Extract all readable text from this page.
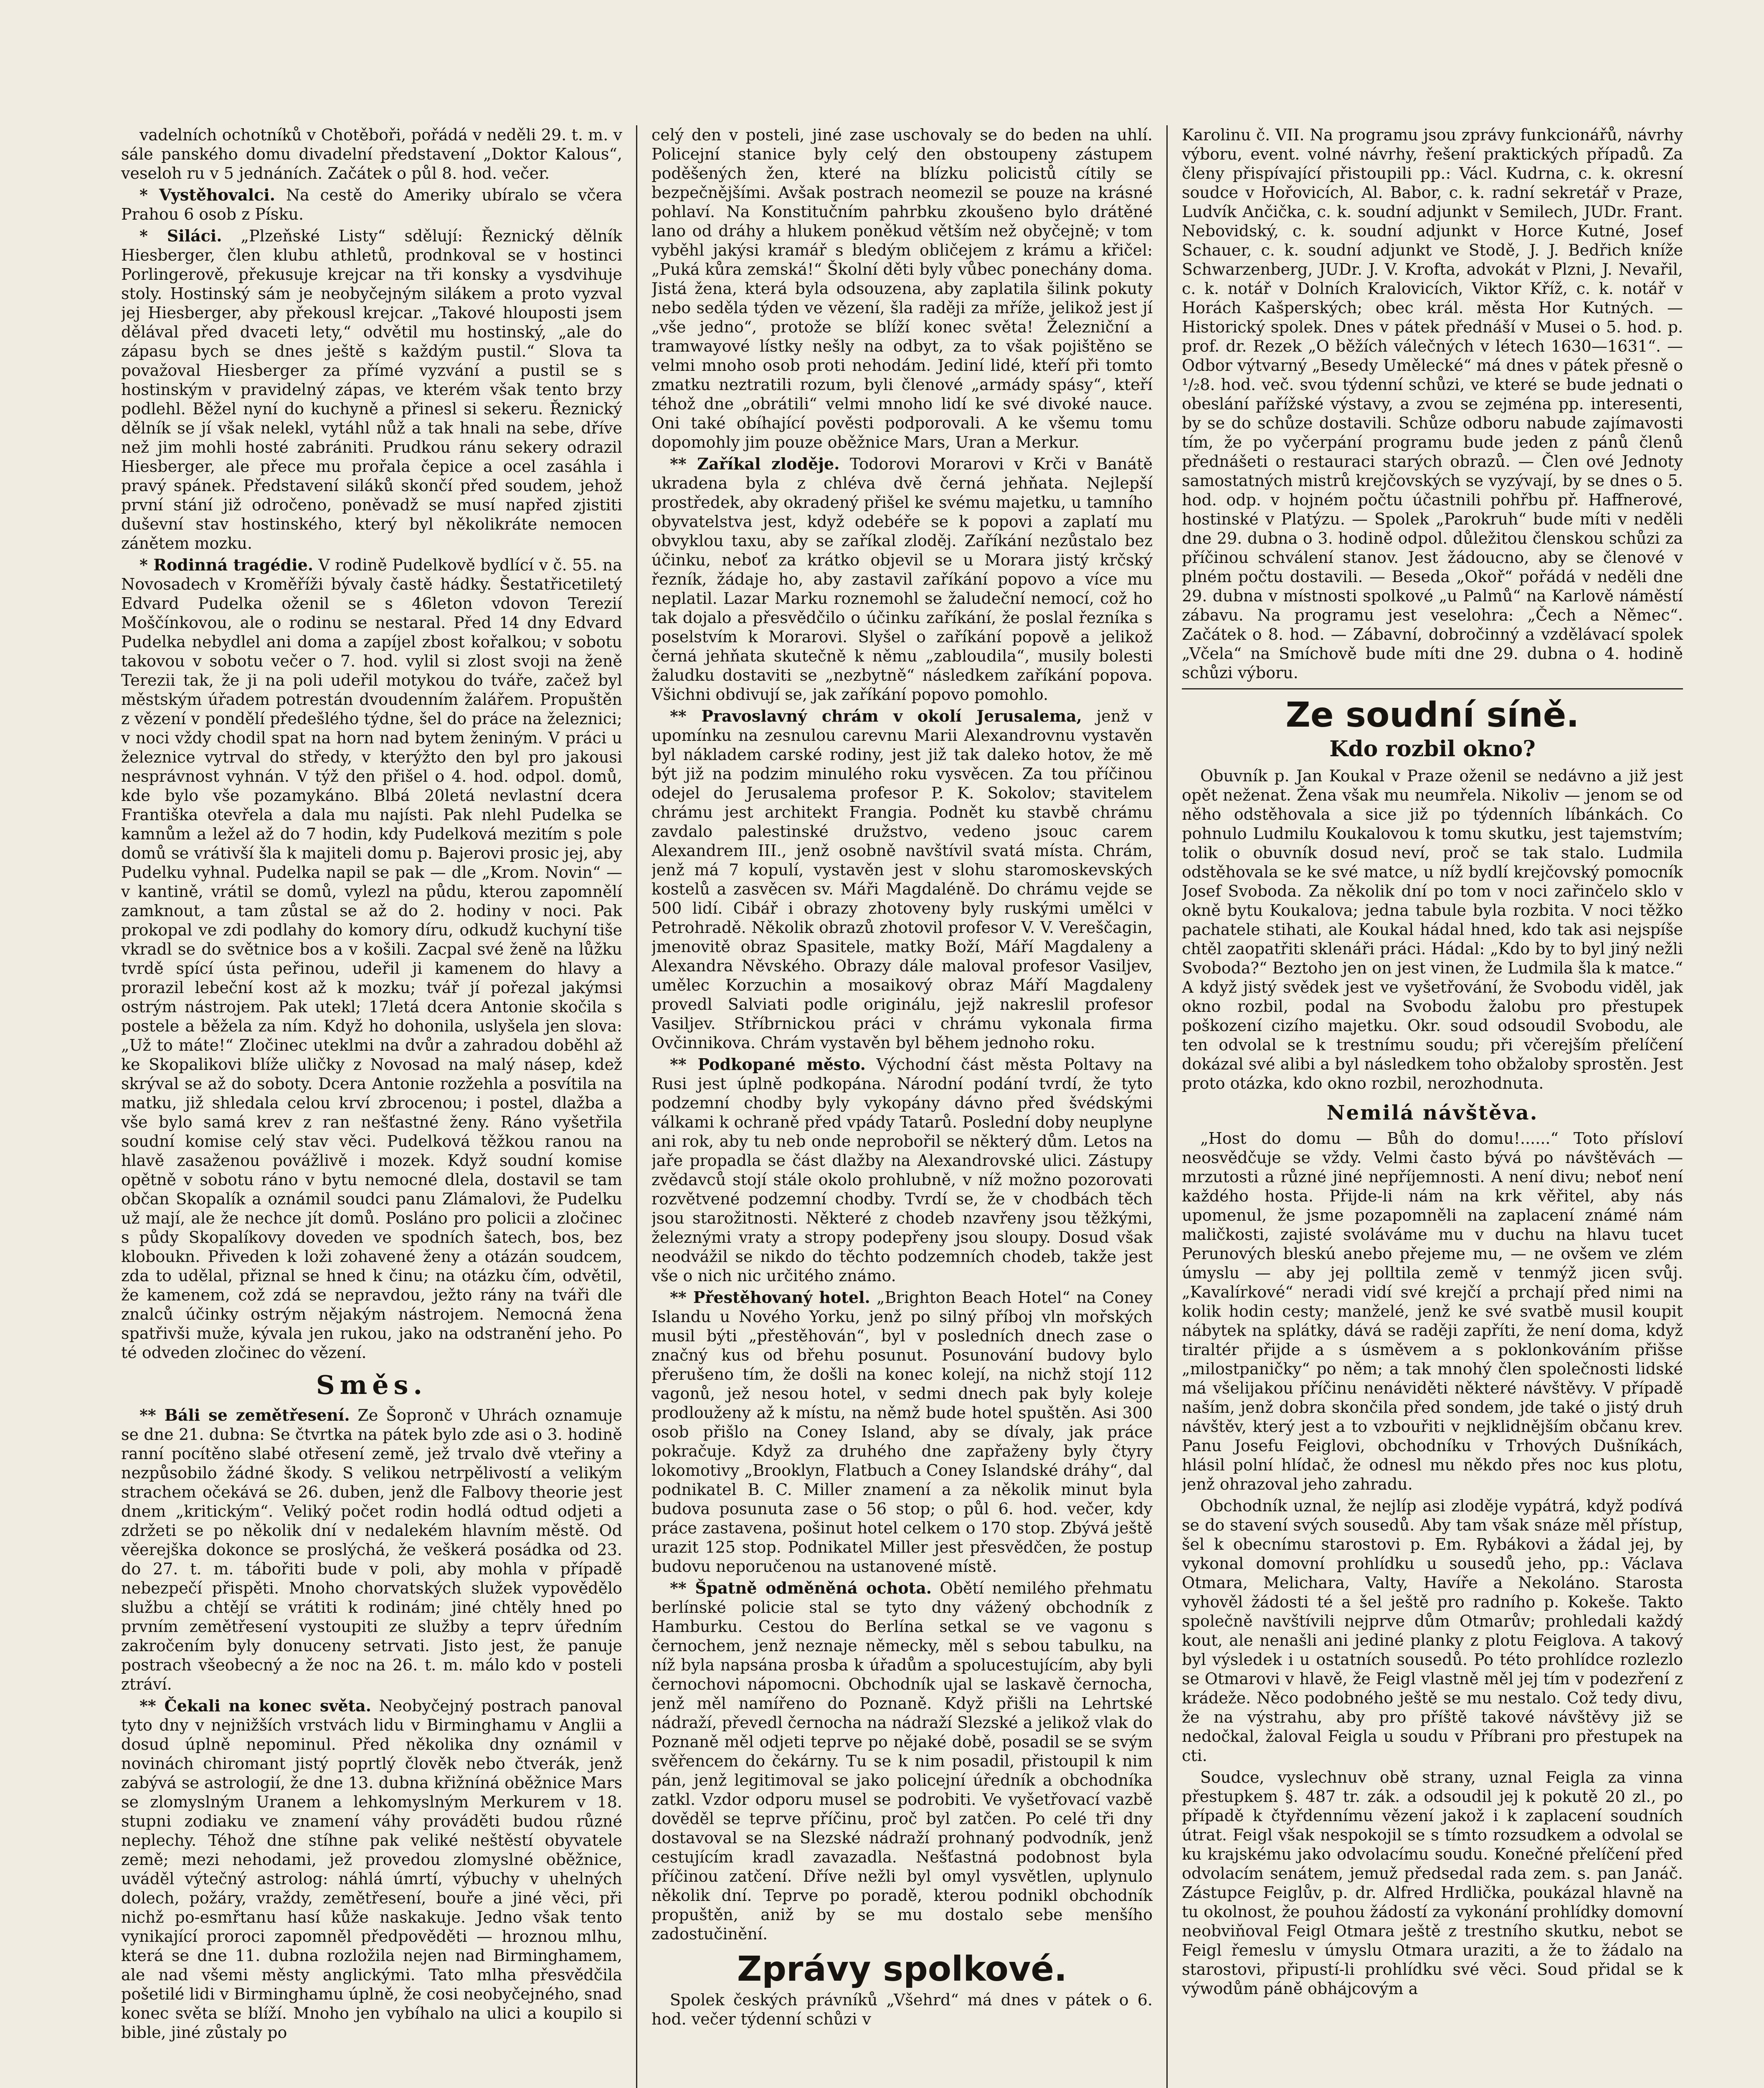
vadelních ochotníků v Chotěboři, pořádá v neděli 29. t. m. v sále panského domu divadelní představení „Doktor Kalous“, veseloh ru v 5 jednáních. Začátek o půl 8. hod. večer.

* Vystěhovalci. Na cestě do Ameriky ubíralo se včera Prahou 6 osob z Písku.

* Siláci. „Plzeňské Listy“ sdělují: Řeznický dělník Hiesberger, člen klubu athletů, prodnkoval se v hostinci Porlingerově, překusuje krejcar na tři konsky a vysdvihuje stoly. Hostinský sám je neobyčejným silákem a proto vyzval jej Hiesberger, aby překousl krejcar. „Takové hlouposti jsem dělával před dvaceti lety,“ odvětil mu hostinský, „ale do zápasu bych se dnes ještě s každým pustil.“ Slova ta považoval Hiesberger za přímé vyzvání a pustil se s hostinským v pravidelný zápas, ve kterém však tento brzy podlehl. Běžel nyní do kuchyně a přinesl si sekeru. Řeznický dělník se jí však nelekl, vytáhl nůž a tak hnali na sebe, dříve než jim mohli hosté zabrániti. Prudkou ránu sekery odrazil Hiesberger, ale přece mu prořala čepice a ocel zasáhla i pravý spánek. Představení siláků skončí před soudem, jehož první stání již odročeno, poněvadž se musí napřed zjistiti duševní stav hostinského, který byl několikráte nemocen zánětem mozku.

* Rodinná tragédie. V rodině Pudelkově bydlící v č. 55. na Novosadech v Kroměříži bývaly častě hádky. Šestatřicetiletý Edvard Pudelka oženil se s 46leton vdovon Terezií Moščínkovou, ale o rodinu se nestaral. Před 14 dny Edvard Pudelka nebydlel ani doma a zapíjel zbost kořalkou; v sobotu takovou v sobotu večer o 7. hod. vylil si zlost svoji na ženě Terezii tak, že ji na poli udeřil motykou do tváře, začež byl městským úřadem potrestán dvoudenním žalářem. Propuštěn z vězení v pondělí předešlého týdne, šel do práce na železnici; v noci vždy chodil spat na horn nad bytem ženiným. V práci u železnice vytrval do středy, v kterýžto den byl pro jakousi nesprávnost vyhnán. V týž den přišel o 4. hod. odpol. domů, kde bylo vše pozamykáno. Blbá 20letá nevlastní dcera Františka otevřela a dala mu najísti. Pak nlehl Pudelka se kamnům a ležel až do 7 hodin, kdy Pudelková mezitím s pole domů se vrátivší šla k majiteli domu p. Bajerovi prosic jej, aby Pudelku vyhnal. Pudelka napil se pak — dle „Krom. Novin“ — v kantině, vrátil se domů, vylezl na půdu, kterou zapomnělí zamknout, a tam zůstal se až do 2. hodiny v noci. Pak prokopal ve zdi podlahy do komory díru, odkudž kuchyní tiše vkradl se do světnice bos a v košili. Zacpal své ženě na lůžku tvrdě spící ústa peřinou, udeřil ji kamenem do hlavy a prorazil lebeční kost až k mozku; tvář jí pořezal jakýmsi ostrým nástrojem. Pak utekl; 17letá dcera Antonie skočila s postele a běžela za ním. Když ho dohonila, uslyšela jen slova: „Už to máte!“ Zločinec uteklmi na dvůr a zahradou doběhl až ke Skopalikovi blíže uličky z Novosad na malý násep, kdež skrýval se až do soboty. Dcera Antonie rozžehla a posvítila na matku, již shledala celou krví zbrocenou; i postel, dlažba a vše bylo samá krev z ran nešťastné ženy. Ráno vyšetřila soudní komise celý stav věci. Pudelková těžkou ranou na hlavě zasaženou povážlivě i mozek. Když soudní komise opětně v sobotu ráno v bytu nemocné dlela, dostavil se tam občan Skopalík a oznámil soudci panu Zlámalovi, že Pudelku už mají, ale že nechce jít domů. Posláno pro policii a zločinec s půdy Skopalíkovy doveden ve spodních šatech, bos, bez kloboukn. Přiveden k loži zohavené ženy a otázán soudcem, zda to udělal, přiznal se hned k činu; na otázku čím, odvětil, že kamenem, což zdá se nepravdou, ježto rány na tváři dle znalců účinky ostrým nějakým nástrojem. Nemocná žena spatřivši muže, kývala jen rukou, jako na odstranění jeho. Po té odveden zločinec do vězení.

Směs.

** Báli se zemětřesení. Ze Šopronč v Uhrách oznamuje se dne 21. dubna: Se čtvrtka na pátek bylo zde asi o 3. hodině ranní pocítěno slabé otřesení země, jež trvalo dvě vteřiny a nezpůsobilo žádné škody. S velikou netrpělivostí a velikým strachem očekává se 26. duben, jenž dle Falbovy theorie jest dnem „kritickým“. Veliký počet rodin hodlá odtud odjeti a zdržeti se po několik dní v nedalekém hlavním městě. Od věerejška dokonce se proslýchá, že veškerá posádka od 23. do 27. t. m. tábořiti bude v poli, aby mohla v případě nebezpečí přispěti. Mnoho chorvatských služek vypovědělo službu a chtějí se vrátiti k rodinám; jiné chtěly hned po prvním zemětřesení vystoupiti ze služby a teprv úředním zakročením byly donuceny setrvati. Jisto jest, že panuje postrach všeobecný a že noc na 26. t. m. málo kdo v posteli ztráví.

** Čekali na konec světa. Neobyčejný postrach panoval tyto dny v nejnižších vrstvách lidu v Birminghamu v Anglii a dosud úplně nepominul. Před několika dny oznámil v novinách chiromant jistý poprtlý člověk nebo čtverák, jenž zabývá se astrologií, že dne 13. dubna křižníná oběžnice Mars se zlomyslným Uranem a lehkomyslným Merkurem v 18. stupni zodiaku ve znamení váhy prováděti budou různé neplechy. Téhož dne stíhne pak veliké neštěstí obyvatele země; mezi nehodami, jež provedou zlomyslné oběžnice, uváděl výtečný astrolog: náhlá úmrtí, výbuchy v uhelných dolech, požáry, vraždy, zemětřesení, bouře a jiné věci, při nichž po-esmřtanu hasí kůže naskakuje. Jedno však tento vynikající proroci zapomněl předpověděti — hroznou mlhu, která se dne 11. dubna rozložila nejen nad Birminghamem, ale nad všemi městy anglickými. Tato mlha přesvědčila pošetilé lidi v Birminghamu úplně, že cosi neobyčejného, snad konec světa se blíží. Mnoho jen vybíhalo na ulici a koupilo si bible, jiné zůstaly po

celý den v posteli, jiné zase uschovaly se do beden na uhlí. Policejní stanice byly celý den obstoupeny zástupem poděšených žen, které na blízku policistů cítily se bezpečnějšími. Avšak postrach neomezil se pouze na krásné pohlaví. Na Konstitučním pahrbku zkoušeno bylo drátěné lano od dráhy a hlukem poněkud větším než obyčejně; v tom vyběhl jakýsi kramář s bledým obličejem z krámu a křičel: „Puká kůra zemská!“ Školní děti byly vůbec ponechány doma. Jistá žena, která byla odsouzena, aby zaplatila šilink pokuty nebo seděla týden ve vězení, šla raději za mříže, jelikož jest jí „vše jedno“, protože se blíží konec světa! Železniční a tramwayové lístky nešly na odbyt, za to však pojištěno se velmi mnoho osob proti nehodám. Jediní lidé, kteří při tomto zmatku neztratili rozum, byli členové „armády spásy“, kteří téhož dne „obrátili“ velmi mnoho lidí ke své divoké nauce. Oni také obíhající pověsti podporovali. A ke všemu tomu dopomohly jim pouze oběžnice Mars, Uran a Merkur.

** Zaříkal zloděje. Todorovi Morarovi v Krči v Banátě ukradena byla z chléva dvě černá jehňata. Nejlepší prostředek, aby okradený přišel ke svému majetku, u tamního obyvatelstva jest, když odebéře se k popovi a zaplatí mu obvyklou taxu, aby se zaříkal zloděj. Zaříkání nezůstalo bez účinku, neboť za krátko objevil se u Morara jistý krčský řezník, žádaje ho, aby zastavil zaříkání popovo a více mu neplatil. Lazar Marku roznemohl se žaludeční nemocí, což ho tak dojalo a přesvědčilo o účinku zaříkání, že poslal řezníka s poselstvím k Morarovi. Slyšel o zaříkání popově a jelikož černá jehňata skutečně k němu „zabloudila“, musily bolesti žaludku dostaviti se „nezbytně“ následkem zaříkání popova. Všichni obdivují se, jak zaříkání popovo pomohlo.

** Pravoslavný chrám v okolí Jerusalema, jenž v upomínku na zesnulou carevnu Marii Alexandrovnu vystavěn byl nákladem carské rodiny, jest již tak daleko hotov, že mě být již na podzim minulého roku vysvěcen. Za tou příčinou odejel do Jerusalema profesor P. K. Sokolov; stavitelem chrámu jest architekt Frangia. Podnět ku stavbě chrámu zavdalo palestinské družstvo, vedeno jsouc carem Alexandrem III., jenž osobně navštívil svatá místa. Chrám, jenž má 7 kopulí, vystavěn jest v slohu staromoskevských kostelů a zasvěcen sv. Máři Magdaléně. Do chrámu vejde se 500 lidí. Cibář i obrazy zhotoveny byly ruskými umělci v Petrohradě. Několik obrazů zhotovil profesor V. V. Vereščagin, jmenovitě obraz Spasitele, matky Boží, Máří Magdaleny a Alexandra Něvského. Obrazy dále maloval profesor Vasiljev, umělec Korzuchin a mosaikový obraz Máří Magdaleny provedl Salviati podle originálu, jejž nakreslil profesor Vasiljev. Stříbrnickou práci v chrámu vykonala firma Ovčinnikova. Chrám vystavěn byl během jednoho roku.

** Podkopané město. Východní část města Poltavy na Rusi jest úplně podkopána. Národní podání tvrdí, že tyto podzemní chodby byly vykopány dávno před švédskými válkami k ochraně před vpády Tatarů. Poslední doby neuplyne ani rok, aby tu neb onde neprobořil se některý dům. Letos na jaře propadla se část dlažby na Alexandrovské ulici. Zástupy zvědavců stojí stále okolo prohlubně, v níž možno pozorovati rozvětvené podzemní chodby. Tvrdí se, že v chodbách těch jsou starožitnosti. Některé z chodeb nzavřeny jsou těžkými, železnými vraty a stropy podepřeny jsou sloupy. Dosud však neodvážil se nikdo do těchto podzemních chodeb, takže jest vše o nich nic určitého známo.

** Přestěhovaný hotel. „Brighton Beach Hotel“ na Coney Islandu u Nového Yorku, jenž po silný příboj vln mořských musil býti „přestěhován“, byl v posledních dnech zase o značný kus od břehu posunut. Posunování budovy bylo přerušeno tím, že došli na konec kolejí, na nichž stojí 112 vagonů, jež nesou hotel, v sedmi dnech pak byly koleje prodlouženy až k místu, na němž bude hotel spuštěn. Asi 300 osob přišlo na Coney Island, aby se dívaly, jak práce pokračuje. Když za druhého dne zapřaženy byly čtyry lokomotivy „Brooklyn, Flatbuch a Coney Islandské dráhy“, dal podnikatel B. C. Miller znamení a za několik minut byla budova posunuta zase o 56 stop; o půl 6. hod. večer, kdy práce zastavena, pošinut hotel celkem o 170 stop. Zbývá ještě urazit 125 stop. Podnikatel Miller jest přesvědčen, že postup budovu neporučenou na ustanovené místě.

** Špatně odměněná ochota. Obětí nemilého přehmatu berlínské policie stal se tyto dny vážený obchodník z Hamburku. Cestou do Berlína setkal se ve vagonu s černochem, jenž neznaje německy, měl s sebou tabulku, na níž byla napsána prosba k úřadům a spolucestujícím, aby byli černochovi nápomocni. Obchodník ujal se laskavě černocha, jenž měl namířeno do Poznaně. Když přišli na Lehrtské nádraží, převedl černocha na nádraží Slezské a jelikož vlak do Poznaně měl odjeti teprve po nějaké době, posadil se se svým svěřencem do čekárny. Tu se k nim posadil, přistoupil k nim pán, jenž legitimoval se jako policejní úředník a obchodníka zatkl. Vzdor odporu musel se podrobiti. Ve vyšetřovací vazbě dověděl se teprve příčinu, proč byl zatčen. Po celé tři dny dostavoval se na Slezské nádraží prohnaný podvodník, jenž cestujícím kradl zavazadla. Nešťastná podobnost byla příčinou zatčení. Dříve nežli byl omyl vysvětlen, uplynulo několik dní. Teprve po poradě, kterou podnikl obchodník propuštěn, aniž by se mu dostalo sebe menšího zadostučinění.

Zprávy spolkové.

Spolek českých právníků „Všehrd“ má dnes v pátek o 6. hod. večer týdenní schůzi v

Karolinu č. VII. Na programu jsou zprávy funkcionářů, návrhy výboru, event. volné návrhy, řešení praktických případů. Za členy přispívající přistoupili pp.: Václ. Kudrna, c. k. okresní soudce v Hořovicích, Al. Babor, c. k. radní sekretář v Praze, Ludvík Ančička, c. k. soudní adjunkt v Semilech, JUDr. Frant. Nebovidský, c. k. soudní adjunkt v Horce Kutné, Josef Schauer, c. k. soudní adjunkt ve Stodě, J. J. Bedřich kníže Schwarzenberg, JUDr. J. V. Krofta, advokát v Plzni, J. Nevařil, c. k. notář v Dolních Kralovicích, Viktor Kříž, c. k. notář v Horách Kašperských; obec král. města Hor Kutných. — Historický spolek. Dnes v pátek přednáší v Musei o 5. hod. p. prof. dr. Rezek „O běžích válečných v létech 1630—1631“. — Odbor výtvarný „Besedy Umělecké“ má dnes v pátek přesně o ¹/₂8. hod. več. svou týdenní schůzi, ve které se bude jednati o obeslání pařížské výstavy, a zvou se zejména pp. interesenti, by se do schůze dostavili. Schůze odboru nabude zajímavosti tím, že po vyčerpání programu bude jeden z pánů členů přednášeti o restauraci starých obrazů. — Člen ové Jednoty samostatných mistrů krejčovských se vyzývají, by se dnes o 5. hod. odp. v hojném počtu účastnili pohřbu př. Haffnerové, hostinské v Platýzu. — Spolek „Parokruh“ bude míti v neděli dne 29. dubna o 3. hodině odpol. důležitou členskou schůzi za příčinou schválení stanov. Jest žádoucno, aby se členové v plném počtu dostavili. — Beseda „Okoř“ pořádá v neděli dne 29. dubna v místnosti spolkové „u Palmů“ na Karlově náměstí zábavu. Na programu jest veselohra: „Čech a Němec“. Začátek o 8. hod. — Zábavní, dobročinný a vzdělávací spolek „Včela“ na Smíchově bude míti dne 29. dubna o 4. hodině schůzi výboru.

Ze soudní síně.
Kdo rozbil okno?

Obuvník p. Jan Koukal v Praze oženil se nedávno a již jest opět neženat. Žena však mu neumřela. Nikoliv — jenom se od něho odstěhovala a sice již po týdenních líbánkách. Co pohnulo Ludmilu Koukalovou k tomu skutku, jest tajemstvím; tolik o obuvník dosud neví, proč se tak stalo. Ludmila odstěhovala se ke své matce, u níž bydlí krejčovský pomocník Josef Svoboda. Za několik dní po tom v noci zařinčelo sklo v okně bytu Koukalova; jedna tabule byla rozbita. V noci těžko pachatele stihati, ale Koukal hádal hned, kdo tak asi nejspíše chtěl zaopatřiti sklenáři práci. Hádal: „Kdo by to byl jiný nežli Svoboda?“ Beztoho jen on jest vinen, že Ludmila šla k matce.“ A když jistý svědek jest ve vyšetřování, že Svobodu viděl, jak okno rozbil, podal na Svobodu žalobu pro přestupek poškození cizího majetku. Okr. soud odsoudil Svobodu, ale ten odvolal se k trestnímu soudu; při včerejším přelíčení dokázal své alibi a byl následkem toho obžaloby sprostěn. Jest proto otázka, kdo okno rozbil, nerozhodnuta.

Nemilá návštěva.

„Host do domu — Bůh do domu!......“ Toto přísloví neosvědčuje se vždy. Velmi často bývá po návštěvách — mrzutosti a různé jiné nepříjemnosti. A není divu; neboť není každého hosta. Přijde-li nám na krk věřitel, aby nás upomenul, že jsme pozapomněli na zaplacení známé nám maličkosti, zajisté svoláváme mu v duchu na hlavu tucet Perunových bleskú anebo přejeme mu, — ne ovšem ve zlém úmyslu — aby jej polltila země v tenmýž jicen svůj. „Kavalírkové“ neradi vidí své krejčí a prchají před nimi na kolik hodin cesty; manželé, jenž ke své svatbě musil koupit nábytek na splátky, dává se raději zapříti, že není doma, když tiraltér přijde a s úsměvem a s poklonkováním přišse „milostpaničky“ po něm; a tak mnohý člen společnosti lidské má všelijakou příčinu nenáviděti některé návštěvy. V případě naším, jenž dobra skončila před sondem, jde také o jistý druh návštěv, který jest a to vzbouřiti v nejklidnějším občanu krev. Panu Josefu Feiglovi, obchodníku v Trhových Dušníkách, hlásil polní hlídač, že odnesl mu někdo přes noc kus plotu, jenž ohrazoval jeho zahradu.

Obchodník uznal, že nejlíp asi zloděje vypátrá, když podívá se do stavení svých sousedů. Aby tam však snáze měl přístup, šel k obecnímu starostovi p. Em. Rybákovi a žádal jej, by vykonal domovní prohlídku u sousedů jeho, pp.: Václava Otmara, Melichara, Valty, Havíře a Nekoláno. Starosta vyhověl žádosti té a šel ještě pro radního p. Kokeše. Takto společně navštívili nejprve dům Otmarův; prohledali každý kout, ale nenašli ani jediné planky z plotu Feiglova. A takový byl výsledek i u ostatních sousedů. Po této prohlídce rozlezlo se Otmarovi v hlavě, že Feigl vlastně měl jej tím v podezření z krádeže. Něco podobného ještě se mu nestalo. Což tedy divu, že na výstrahu, aby pro příště takové návštěvy již se nedočkal, žaloval Feigla u soudu v Příbrani pro přestupek na cti.

Soudce, vyslechnuv obě strany, uznal Feigla za vinna přestupkem §. 487 tr. zák. a odsoudil jej k pokutě 20 zl., po případě k čtyřdennímu vězení jakož i k zaplacení soudních útrat. Feigl však nespokojil se s tímto rozsudkem a odvolal se ku krajskému jako odvolacímu soudu. Konečné přelíčení před odvolacím senátem, jemuž předsedal rada zem. s. pan Janáč. Zástupce Feiglův, p. dr. Alfred Hrdlička, poukázal hlavně na tu okolnost, že pouhou žádostí za vykonání prohlídky domovní neobviňoval Feigl Otmara ještě z trestního skutku, nebot se Feigl řemeslu v úmyslu Otmara uraziti, a že to žádalo na starostovi, připustí-li prohlídku své věci. Soud přidal se k výwodům páně obhájcovým a
